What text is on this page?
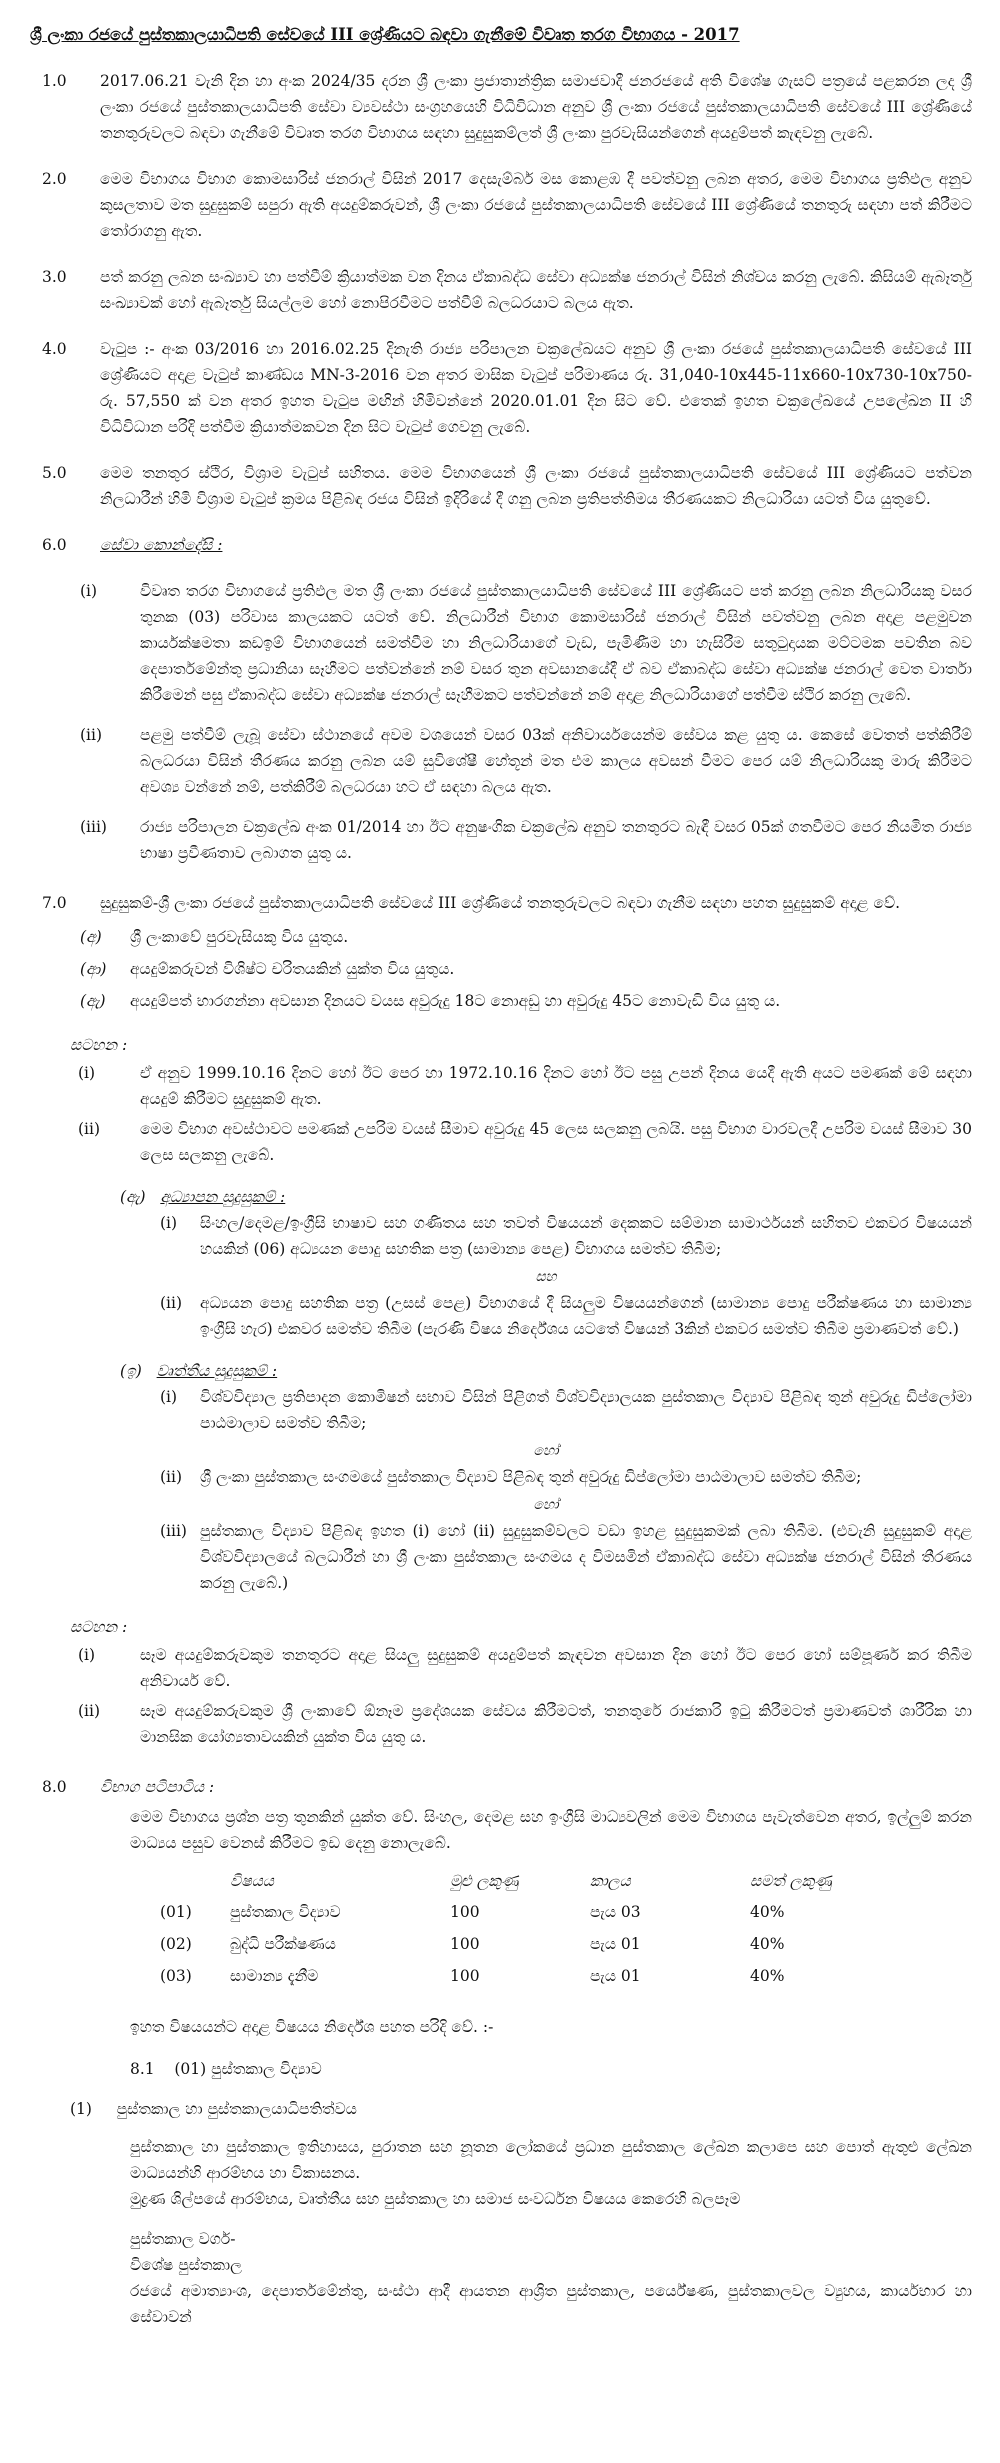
ශ්‍රී ලංකා රජයේ පුස්තකාලයාධිපති සේවයේ III ශ්‍රේණියට බඳවා ගැනීමේ විවෘත තරග විභාගය - 2017
1.0 2017.06.21 වැනි දින හා අංක 2024/35 දරන ශ්‍රී ලංකා ප්‍රජාතාන්ත්‍රික සමාජවාදී ජනරජයේ අති විශේෂ ගැසට් පත්‍රයේ පළකරන ලද ශ්‍රී ලංකා රජයේ පුස්තකාලයාධිපති සේවා ව්‍යවස්ථා සංග්‍රහයෙහි විධිවිධාන අනුව ශ්‍රී ලංකා රජයේ පුස්තකාලයාධිපති සේවයේ III ශ්‍රේණියේ තනතුරුවලට බඳවා ගැනීමේ විවෘත තරග විභාගය සඳහා සුදුසුකම්ලත් ශ්‍රී ලංකා පුරවැසියන්ගෙන් අයදුම්පත් කැඳවනු ලැබේ.

2.0 මෙම විභාගය විභාග කොමසාරිස් ජනරාල් විසින් 2017 දෙසැම්බර් මස කොළඹ දී පවත්වනු ලබන අතර, මෙම විභාගය ප්‍රතිඵල අනුව කුසලතාව මත සුදුසුකම් සපුරා ඇති අයදුම්කරුවන්, ශ්‍රී ලංකා රජයේ පුස්තකාලයාධිපති සේවයේ III ශ්‍රේණියේ තනතුරු සඳහා පත් කිරීමට තෝරාගනු ඇත.

3.0 පත් කරනු ලබන සංඛ්‍යාව හා පත්වීම් ක්‍රියාත්මක වන දිනය ඒකාබද්ධ සේවා අධ්‍යක්ෂ ජනරාල් විසින් නිශ්චය කරනු ලැබේ. කිසියම් ඇබෑර්තු සංඛ්‍යාවක් හෝ ඇබෑර්තු සියල්ලම හෝ නොපිරවීමට පත්වීම් බලධරයාට බලය ඇත.

4.0 වැටුප :- අංක 03/2016 හා 2016.02.25 දිනැති රාජ්‍ය පරිපාලන චක්‍රලේඛයට අනුව ශ්‍රී ලංකා රජයේ පුස්තකාලයාධිපති සේවයේ III ශ්‍රේණියට අදාළ වැටුප් කාණ්ඩය MN-3-2016 වන අතර මාසික වැටුප් පරිමාණය රු. 31,040-10x445-11x660-10x730-10x750-රු. 57,550 ක් වන අතර ඉහත වැටුප මඟින් හිමිවන්නේ 2020.01.01 දින සිට වේ. එතෙක් ඉහත චක්‍රලේඛයේ උපලේඛන II හි විධිවිධාන පරිදි පත්වීම ක්‍රියාත්මකවන දින සිට වැටුප් ගෙවනු ලැබේ.

5.0 මෙම තනතුර ස්ථිර, විශ්‍රාම වැටුප් සහිතය. මෙම විභාගයෙන් ශ්‍රී ලංකා රජයේ පුස්තකාලයාධිපති සේවයේ III ශ්‍රේණියට පත්වන නිලධාරීන් හිමි විශ්‍රාම වැටුප් ක්‍රමය පිළිබඳ රජය විසින් ඉදිරියේ දී ගනු ලබන ප්‍රතිපත්තිමය තීරණයකට නිලධාරියා යටත් විය යුතුවේ.

6.0 සේවා කොන්දේසි :

(i)	විවෘත තරග විභාගයේ ප්‍රතිඵල මත ශ්‍රී ලංකා රජයේ පුස්තකාලයාධිපති සේවයේ III ශ්‍රේණියට පත් කරනු ලබන නිලධාරියකු වසර තුනක (03) පරිවාස කාලයකට යටත් වේ. නිලධාරීන් විභාග කොමසාරිස් ජනරාල් විසින් පවත්වනු ලබන අදාළ පළමුවන කාර්යක්ෂමතා කඩඉම් විභාගයෙන් සමත්වීම හා නිලධාරියාගේ වැඩ, පැමිණීම හා හැසිරීම සතුටුදායක මට්ටමක පවතින බව දෙපාර්තමේන්තු ප්‍රධානියා සෑහීමට පත්වන්නේ නම් වසර තුන අවසානයේදී ඒ බව ඒකාබද්ධ සේවා අධ්‍යක්ෂ ජනරාල් වෙත වාර්තා කිරීමෙන් පසු ඒකාබද්ධ සේවා අධ්‍යක්ෂ ජනරාල් සෑහීමකට පත්වන්නේ නම් අදාළ නිලධාරියාගේ පත්වීම ස්ථිර කරනු ලැබේ.
(ii) පළමු පත්වීම් ලැබූ සේවා ස්ථානයේ අවම වශයෙන් වසර 03ක් අනිවාර්යයෙන්ම සේවය කළ යුතු ය. කෙසේ වෙතත් පත්කිරීම් බලධරයා විසින් තීරණය කරනු ලබන යම් සුවිශේෂී හේතූන් මත එම කාලය අවසන් වීමට පෙර යම් නිලධාරියකු මාරු කිරීමට අවශ්‍ය වන්නේ නම්, පත්කිරීම් බලධරයා හට ඒ සඳහා බලය ඇත.
(iii) රාජ්‍ය පරිපාලන චක්‍රලේඛ අංක 01/2014 හා ඊට අනුෂංගික චක්‍රලේඛ අනුව තනතුරට බැඳී වසර 05ක් ගතවීමට පෙර නියමිත රාජ්‍ය භාෂා ප්‍රවීණතාව ලබාගත යුතු ය.
7.0 සුදුසුකම්-ශ්‍රී ලංකා රජයේ පුස්තකාලයාධිපති සේවයේ III ශ්‍රේණියේ තනතුරුවලට බඳවා ගැනීම සඳහා පහත සුදුසුකම් අදාළ වේ.

(අ) ශ්‍රී ලංකාවේ පුරවැසියකු විය යුතුය.
(ආ) අයදුම්කරුවන් විශිෂ්ට චරිතයකින් යුක්ත විය යුතුය.
(ඇ) අයදුම්පත් භාරගන්නා අවසාන දිනයට වයස අවුරුදු 18ට නොඅඩු හා අවුරුදු 45ට නොවැඩි විය යුතු ය.
සටහන :
(i)	ඒ අනුව 1999.10.16 දිනට හෝ ඊට පෙර හා 1972.10.16 දිනට හෝ ඊට පසු උපන් දිනය යෙදී ඇති අයට පමණක් මේ සඳහා අයදුම් කිරීමට සුදුසුකම් ඇත.
(ii)	මෙම විභාග අවස්ථාවට පමණක් උපරිම වයස් සීමාව අවුරුදු 45 ලෙස සලකනු ලබයි. පසු විභාග වාරවලදී උපරිම වයස් සීමාව 30 ලෙස සලකනු ලැබේ.
(ඇ) අධ්‍යාපන සුදුසුකම් :
(i) සිංහල/දෙමළ/ඉංග්‍රීසි භාෂාව සහ ගණිතය සහ තවත් විෂයයන් දෙකකට සම්මාන සාමාර්ථයන් සහිතව එකවර විෂයයන් හයකින් (06) අධ්‍යයන පොදු සහතික පත්‍ර (සාමාන්‍ය පෙළ) විභාගය සමත්ව තිබීම;

සහ

(ii) අධ්‍යයන පොදු සහතික පත්‍ර (උසස් පෙළ) විභාගයේ දී සියලුම විෂයයන්ගෙන් (සාමාන්‍ය පොදු පරීක්ෂණය හා සාමාන්‍ය ඉංග්‍රීසි හැර) එකවර සමත්ව තිබීම (පැරණි විෂය නිර්දේශය යටතේ විෂයන් 3කින් එකවර සමත්ව තිබීම ප්‍රමාණවත් වේ.)
(ඉ) වෘත්තීය සුදුසුකම් :
(i) විශ්වවිද්‍යාල ප්‍රතිපාදන කොමිෂන් සභාව විසින් පිළිගත් විශ්වවිද්‍යාලයක පුස්තකාල විද්‍යාව පිළිබඳ තුන් අවුරුදු ඩිප්ලෝමා පාඨමාලාව සමත්ව තිබීම;

හෝ

(ii) ශ්‍රී ලංකා පුස්තකාල සංගමයේ පුස්තකාල විද්‍යාව පිළිබඳ තුන් අවුරුදු ඩිප්ලෝමා පාඨමාලාව සමත්ව තිබීම;

හෝ

(iii) පුස්තකාල විද්‍යාව පිළිබඳ ඉහත (i) හෝ (ii) සුදුසුකම්වලට වඩා ඉහළ සුදුසුකමක් ලබා තිබීම. (එවැනි සුදුසුකම් අදාළ විශ්වවිද්‍යාලයේ බලධාරීන් හා ශ්‍රී ලංකා පුස්තකාල සංගමය ද විමසමින් ඒකාබද්ධ සේවා අධ්‍යක්ෂ ජනරාල් විසින් තීරණය කරනු ලැබේ.)
සටහන :
(i)	සෑම අයදුම්කරුවකුම තනතුරට අදාළ සියලු සුදුසුකම් අයදුම්පත් කැඳවන අවසාන දින හෝ ඊට පෙර හෝ සම්පූර්ණ කර තිබීම අනිවාර්ය වේ.
(ii)	සෑම අයදුම්කරුවකුම ශ්‍රී ලංකාවේ ඕනෑම ප්‍රදේශයක සේවය කිරීමටත්, තනතුරේ රාජකාරි ඉටු කිරීමටත් ප්‍රමාණවත් ශාරීරික හා මානසික යෝග්‍යතාවයකින් යුක්ත විය යුතු ය.
8.0 විභාග පටිපාටිය :

මෙම විභාගය ප්‍රශ්න පත්‍ර තුනකින් යුක්ත වේ. සිංහල, දෙමළ සහ ඉංග්‍රීසි මාධ්‍යවලින් මෙම විභාගය පැවැත්වෙන අතර, ඉල්ලුම් කරන මාධ්‍යය පසුව වෙනස් කිරීමට ඉඩ දෙනු නොලැබේ.
	විෂයය	මුළු ලකුණු	කාලය	සමත් ලකුණු
(01)	පුස්තකාල විද්‍යාව	100	පැය 03	40%
(02)	බුද්ධි පරීක්ෂණය	100	පැය 01	40%
(03)	සාමාන්‍ය දැනීම	100	පැය 01	40%

ඉහත විෂයයන්ට අදාළ විෂයය නිර්දේශ පහත පරිදි වේ. :-

8.1 (01) පුස්තකාල විද්‍යාව
(1) පුස්තකාල හා පුස්තකාලයාධිපතිත්වය

පුස්තකාල හා පුස්තකාල ඉතිහාසය, පුරාතන සහ නූතන ලෝකයේ ප්‍රධාන පුස්තකාල ලේඛන කලාපෙ සහ පොත් ඇතුළු ලේඛන මාධ්‍යයන්හි ආරම්භය හා විකාසනය.

මුද්‍රණ ශිල්පයේ ආරම්භය, වෘත්තීය සහ පුස්තකාල හා සමාජ සංවර්ධන විෂයය කෙරෙහි බලපෑම

පුස්තකාල වර්ග-

විශේෂ පුස්තකාල

රජයේ අමාත්‍යාංශ, දෙපාර්තමේන්තු, සංස්ථා ආදී ආයතන ආශ්‍රිත පුස්තකාල, පර්යේෂණ, පුස්තකාලවල ව්‍යුහය, කාර්යභාර හා සේවාවන්
